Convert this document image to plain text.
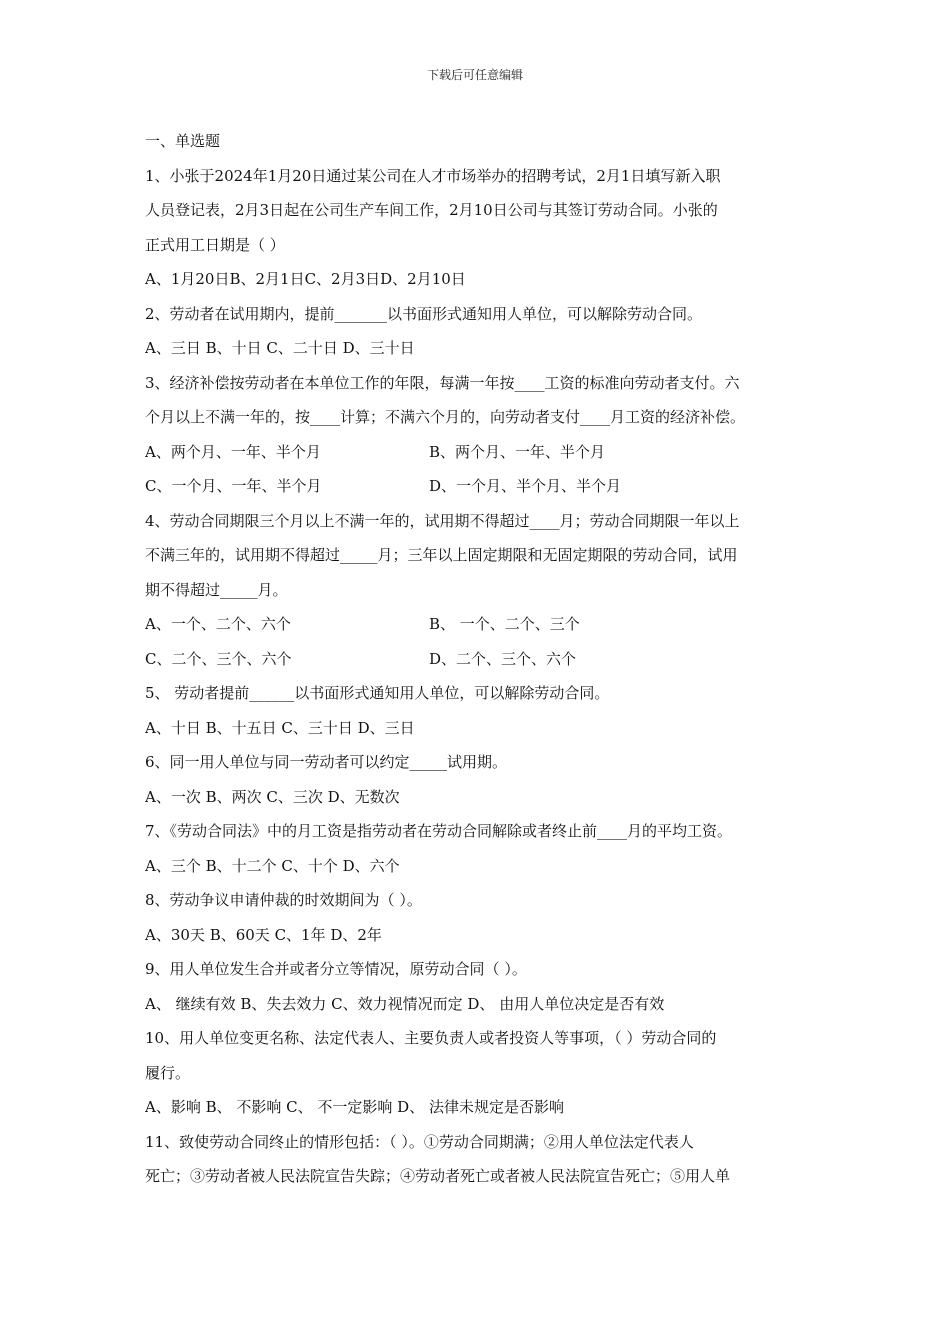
下载后可任意编辑
一、单选题
1、小张于2024年1月20日通过某公司在人才市场举办的招聘考试，2月1日填写新入职
人员登记表，2月3日起在公司生产车间工作，2月10日公司与其签订劳动合同。小张的
正式用工日期是（ ）
A、1月20日B、2月1日C、2月3日D、2月10日
2、劳动者在试用期内，提前_______以书面形式通知用人单位，可以解除劳动合同。
A、三日 B、十日 C、二十日 D、三十日
3、经济补偿按劳动者在本单位工作的年限，每满一年按____工资的标准向劳动者支付。六
个月以上不满一年的，按____计算；不满六个月的，向劳动者支付____月工资的经济补偿。
A、两个月、一年、半个月	B、两个月、一年、半个月
C、一个月、一年、半个月	D、一个月、半个月、半个月
4、劳动合同期限三个月以上不满一年的，试用期不得超过____月；劳动合同期限一年以上
不满三年的，试用期不得超过_____月；三年以上固定期限和无固定期限的劳动合同，试用
期不得超过_____月。
A、一个、二个、六个	B、 一个、二个、三个
C、二个、三个、六个	D、二个、三个、六个
5、 劳动者提前______以书面形式通知用人单位，可以解除劳动合同。
A、十日 B、十五日 C、三十日 D、三日
6、同一用人单位与同一劳动者可以约定_____试用期。
A、一次 B、两次 C、三次 D、无数次
7、《劳动合同法》中的月工资是指劳动者在劳动合同解除或者终止前____月的平均工资。
A、三个 B、十二个 C、十个 D、六个
8、劳动争议申请仲裁的时效期间为（ ）。
A、30天 B、60天 C、1年 D、2年
9、用人单位发生合并或者分立等情况，原劳动合同（ ）。
A、 继续有效 B、失去效力 C、效力视情况而定 D、 由用人单位决定是否有效
10、用人单位变更名称、法定代表人、主要负责人或者投资人等事项，（ ）劳动合同的
履行。
A、影响 B、 不影响 C、 不一定影响 D、 法律未规定是否影响
11、致使劳动合同终止的情形包括：（ ）。①劳动合同期满；②用人单位法定代表人
死亡；③劳动者被人民法院宣告失踪；④劳动者死亡或者被人民法院宣告死亡；⑤用人单
